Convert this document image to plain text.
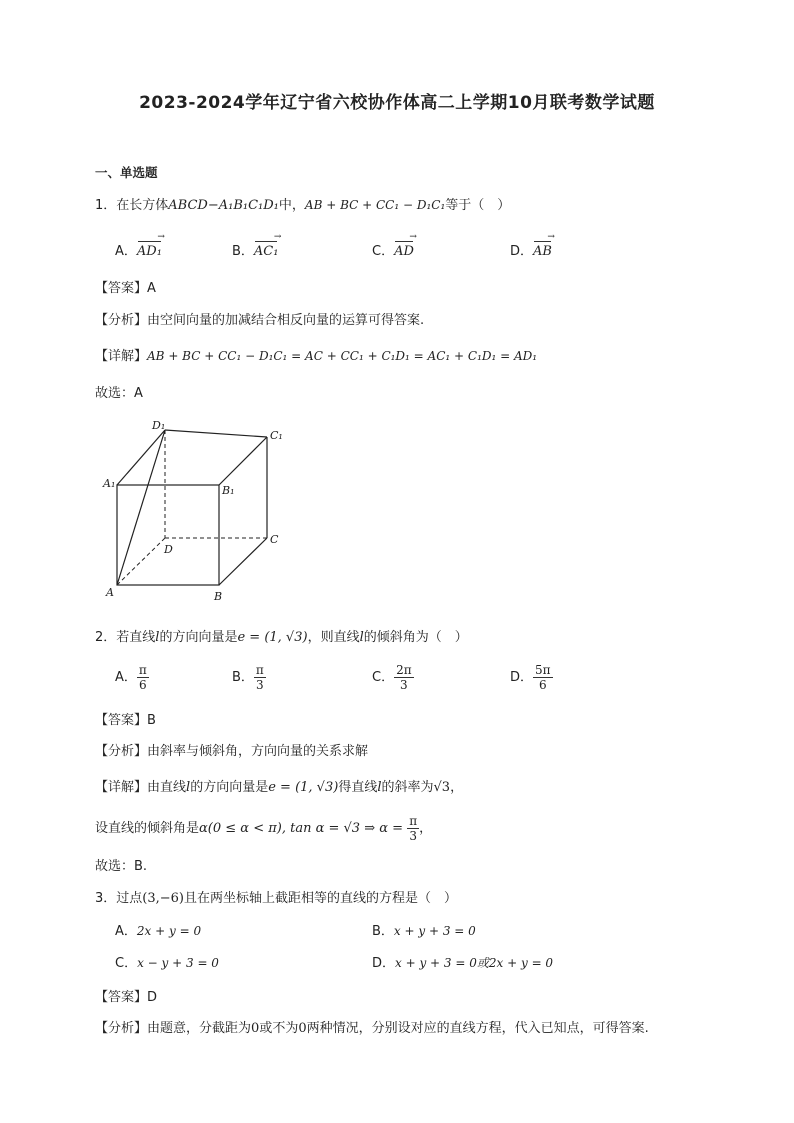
2023-2024学年辽宁省六校协作体高二上学期10月联考数学试题
一、单选题
1．在长方体ABCD−A₁B₁C₁D₁中，AB + BC + CC₁ − D₁C₁等于（　）
A．AD₁ →	B．AC₁ →	C．AD →	D．AB →
【答案】A
【分析】由空间向量的加减结合相反向量的运算可得答案.
【详解】AB + BC + CC₁ − D₁C₁ = AC + CC₁ + C₁D₁ = AC₁ + C₁D₁ = AD₁
故选：A
D₁
C₁
A₁
B₁
D
C
A	B
2．若直线l的方向向量是e = (1, √3)，则直线l的倾斜角为（　）
A． $\frac{\pi}{6}$	B． $\frac{\pi}{3}$	C． $\frac{2\pi}{3}$	D． $\frac{5\pi}{6}$
【答案】B
【分析】由斜率与倾斜角，方向向量的关系求解
【详解】由直线l的方向向量是e = (1, √3)得直线l的斜率为√3，
设直线的倾斜角是α(0 ≤ α < π), tan α = √3 ⇒ $\alpha = \frac{\pi}{3}$ ，
故选：B.
3．过点(3,−6)且在两坐标轴上截距相等的直线的方程是（　）
A．2x + y = 0	B．x + y + 3 = 0
C．x − y + 3 = 0	D．x + y + 3 = 0或2x + y = 0
【答案】D
【分析】由题意，分截距为0或不为0两种情况，分别设对应的直线方程，代入已知点，可得答案.
